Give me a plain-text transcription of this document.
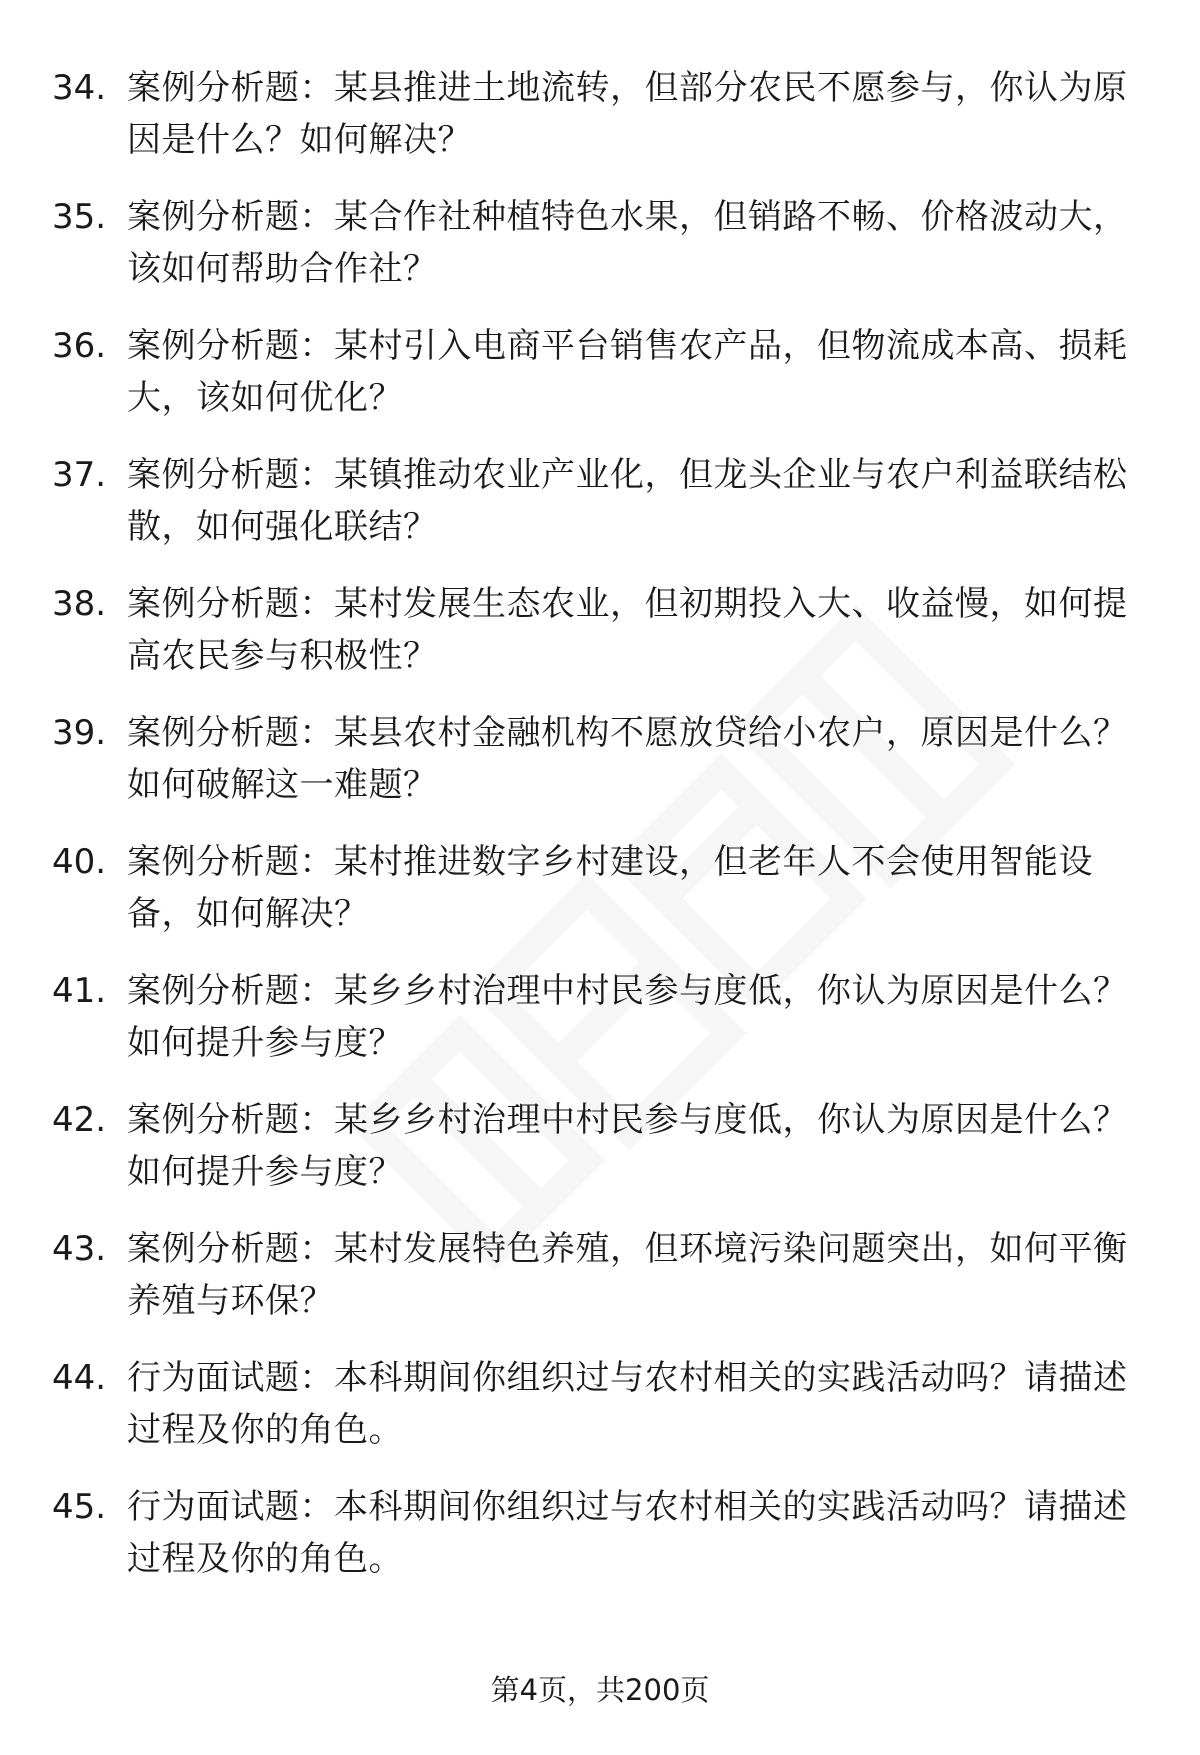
34. 案例分析题：某县推进土地流转，但部分农民不愿参与，你认为原因是什么？如何解决？
35. 案例分析题：某合作社种植特色水果，但销路不畅、价格波动大，该如何帮助合作社？
36. 案例分析题：某村引入电商平台销售农产品，但物流成本高、损耗大，该如何优化？
37. 案例分析题：某镇推动农业产业化，但龙头企业与农户利益联结松散，如何强化联结？
38. 案例分析题：某村发展生态农业，但初期投入大、收益慢，如何提高农民参与积极性？
39. 案例分析题：某县农村金融机构不愿放贷给小农户，原因是什么？如何破解这一难题？
40. 案例分析题：某村推进数字乡村建设，但老年人不会使用智能设备，如何解决？
41. 案例分析题：某乡乡村治理中村民参与度低，你认为原因是什么？如何提升参与度？
42. 案例分析题：某乡乡村治理中村民参与度低，你认为原因是什么？如何提升参与度？
43. 案例分析题：某村发展特色养殖，但环境污染问题突出，如何平衡养殖与环保？
44. 行为面试题：本科期间你组织过与农村相关的实践活动吗？请描述过程及你的角色。
45. 行为面试题：本科期间你组织过与农村相关的实践活动吗？请描述过程及你的角色。
第4页，共200页
